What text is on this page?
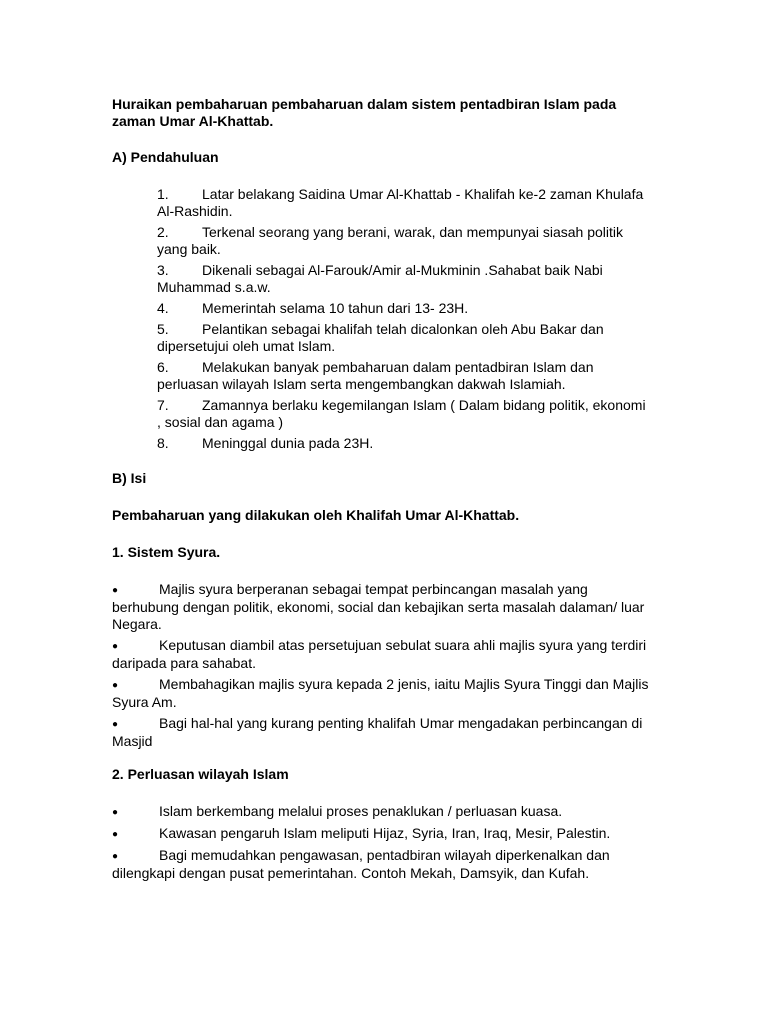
Huraikan pembaharuan pembaharuan dalam sistem pentadbiran Islam pada zaman Umar Al-Khattab.

A) Pendahuluan

1. Latar belakang Saidina Umar Al-Khattab - Khalifah ke-2 zaman Khulafa Al-Rashidin.
2. Terkenal seorang yang berani, warak, dan mempunyai siasah politik yang baik.
3. Dikenali sebagai Al-Farouk/Amir al-Mukminin .Sahabat baik Nabi Muhammad s.a.w.
4. Memerintah selama 10 tahun dari 13- 23H.
5. Pelantikan sebagai khalifah telah dicalonkan oleh Abu Bakar dan dipersetujui oleh umat Islam.
6. Melakukan banyak pembaharuan dalam pentadbiran Islam dan perluasan wilayah Islam serta mengembangkan dakwah Islamiah.
7. Zamannya berlaku kegemilangan Islam ( Dalam bidang politik, ekonomi , sosial dan agama )
8. Meninggal dunia pada 23H.

B) Isi

Pembaharuan yang dilakukan oleh Khalifah Umar Al-Khattab.

1. Sistem Syura.

●	Majlis syura berperanan sebagai tempat perbincangan masalah yang berhubung dengan politik, ekonomi, social dan kebajikan serta masalah dalaman/ luar Negara.
●	Keputusan diambil atas persetujuan sebulat suara ahli majlis syura yang terdiri daripada para sahabat.
●	Membahagikan majlis syura kepada 2 jenis, iaitu Majlis Syura Tinggi dan Majlis Syura Am.
●	Bagi hal-hal yang kurang penting khalifah Umar mengadakan perbincangan di Masjid

2. Perluasan wilayah Islam

●	Islam berkembang melalui proses penaklukan / perluasan kuasa.
●	Kawasan pengaruh Islam meliputi Hijaz, Syria, Iran, Iraq, Mesir, Palestin.
●	Bagi memudahkan pengawasan, pentadbiran wilayah diperkenalkan dan dilengkapi dengan pusat pemerintahan. Contoh Mekah, Damsyik, dan Kufah.
